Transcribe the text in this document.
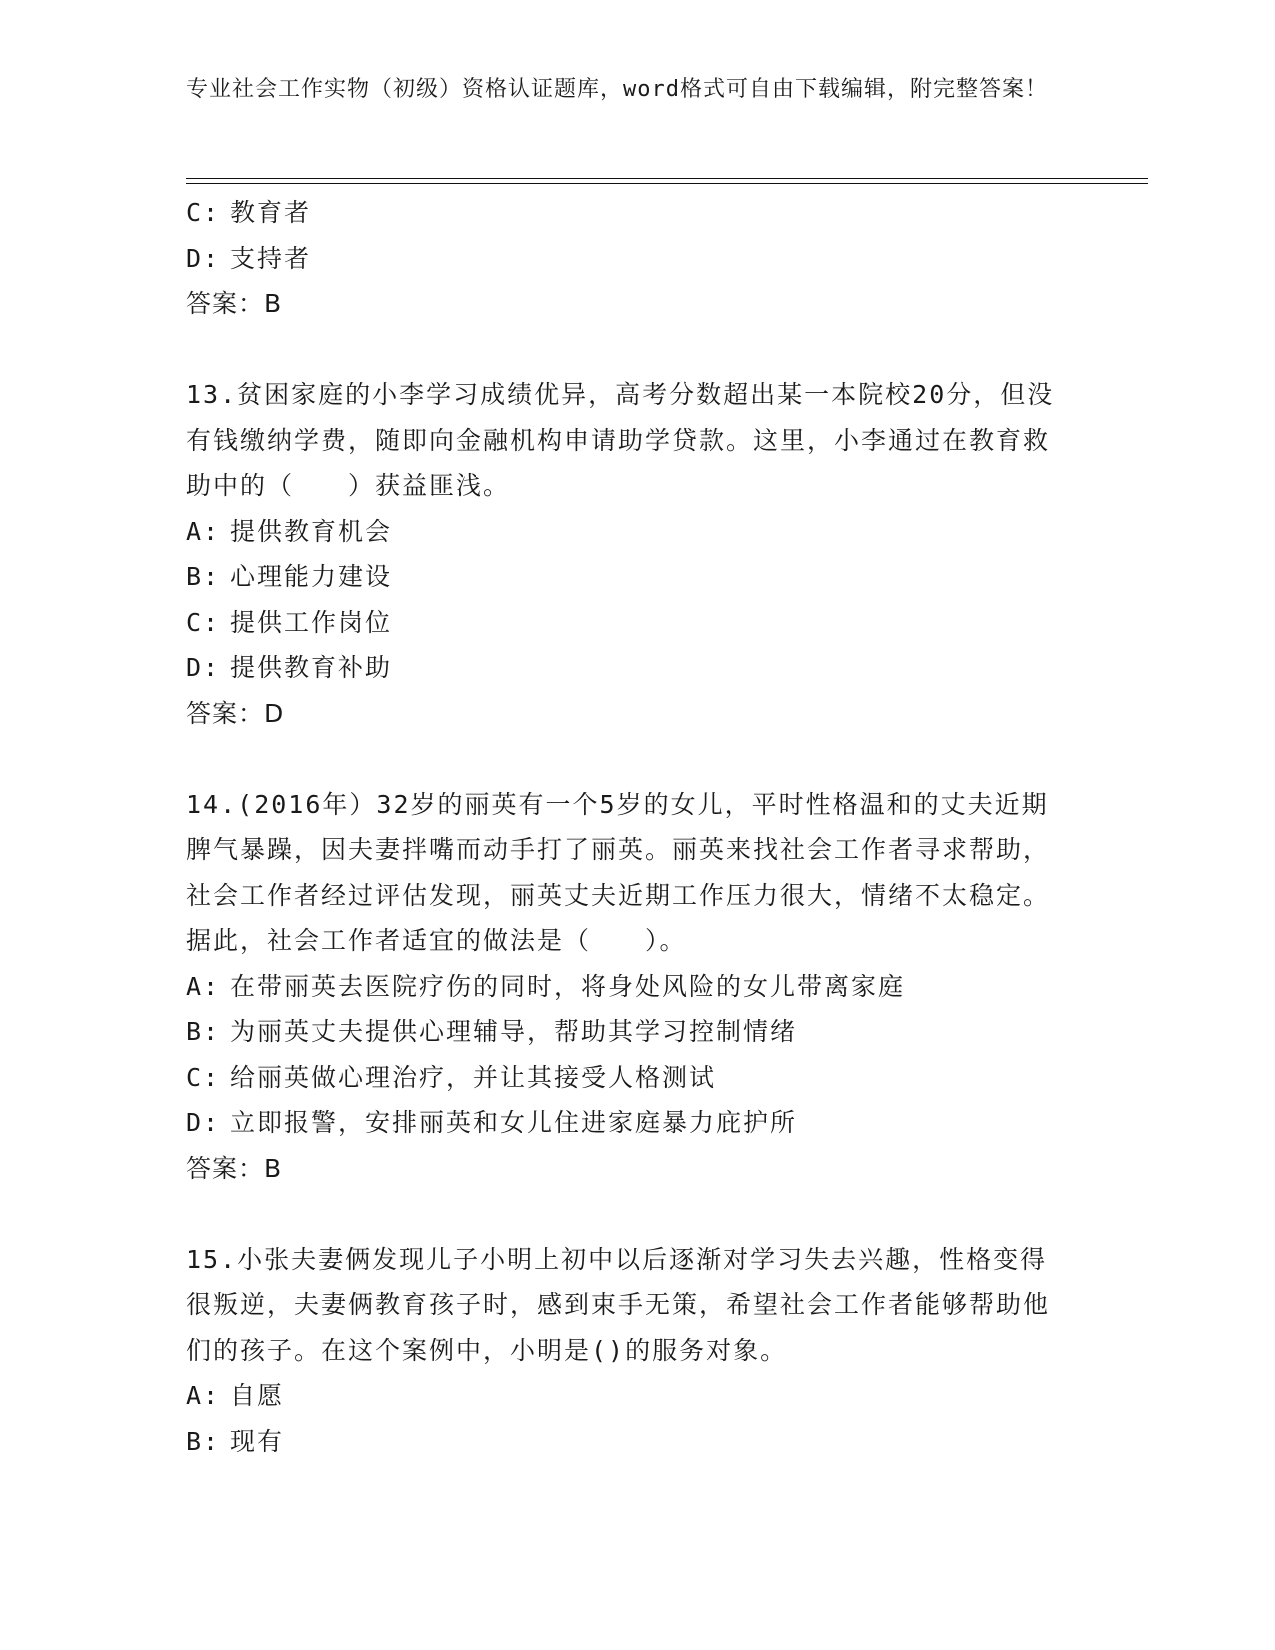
专业社会工作实物（初级）资格认证题库，word格式可自由下载编辑，附完整答案！
C: 教育者
D: 支持者
答案：B
13.贫困家庭的小李学习成绩优异，高考分数超出某一本院校20分，但没有钱缴纳学费，随即向金融机构申请助学贷款。这里，小李通过在教育救助中的（　　）获益匪浅。
A: 提供教育机会
B: 心理能力建设
C: 提供工作岗位
D: 提供教育补助
答案：D
14.(2016年）32岁的丽英有一个5岁的女儿，平时性格温和的丈夫近期脾气暴躁，因夫妻拌嘴而动手打了丽英。丽英来找社会工作者寻求帮助，社会工作者经过评估发现，丽英丈夫近期工作压力很大，情绪不太稳定。据此，社会工作者适宜的做法是（　　）。
A: 在带丽英去医院疗伤的同时，将身处风险的女儿带离家庭
B: 为丽英丈夫提供心理辅导，帮助其学习控制情绪
C: 给丽英做心理治疗，并让其接受人格测试
D: 立即报警，安排丽英和女儿住进家庭暴力庇护所
答案：B
15.小张夫妻俩发现儿子小明上初中以后逐渐对学习失去兴趣，性格变得很叛逆，夫妻俩教育孩子时，感到束手无策，希望社会工作者能够帮助他们的孩子。在这个案例中，小明是()的服务对象。
A: 自愿
B: 现有
